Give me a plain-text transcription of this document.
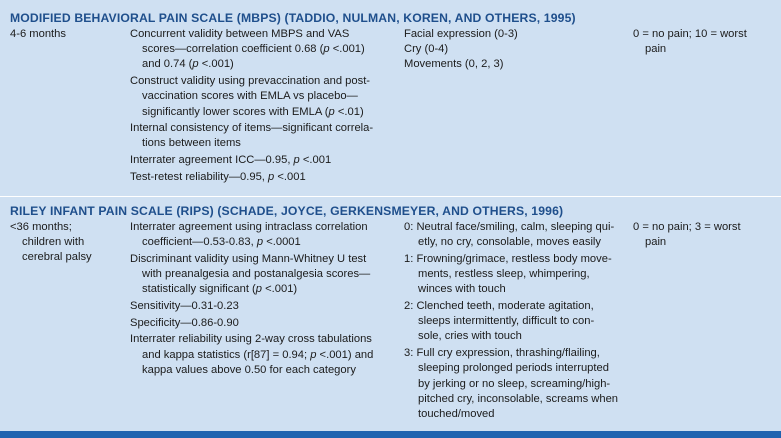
MODIFIED BEHAVIORAL PAIN SCALE (MBPS) (TADDIO, NULMAN, KOREN, AND OTHERS, 1995)
4-6 months	Concurrent validity between MBPS and VAS
scores—correlation coefficient 0.68 (p <.001)
and 0.74 (p <.001)
Construct validity using prevaccination and post-
vaccination scores with EMLA vs placebo—
significantly lower scores with EMLA (p <.01)
Internal consistency of items—significant correla-
tions between items
Interrater agreement ICC—0.95, p <.001
Test-retest reliability—0.95, p <.001
Facial expression (0-3)
Cry (0-4)
Movements (0, 2, 3)
0 = no pain; 10 = worst
pain
RILEY INFANT PAIN SCALE (RIPS) (SCHADE, JOYCE, GERKENSMEYER, AND OTHERS, 1996)
<36 months;
children with
cerebral palsy
Interrater agreement using intraclass correlation
coefficient—0.53-0.83, p <.0001
Discriminant validity using Mann-Whitney U test
with preanalgesia and postanalgesia scores—
statistically significant (p <.001)
Sensitivity—0.31-0.23
Specificity—0.86-0.90
Interrater reliability using 2-way cross tabulations
and kappa statistics (r[87] = 0.94; p <.001) and
kappa values above 0.50 for each category
0: Neutral face/smiling, calm, sleeping qui-
etly, no cry, consolable, moves easily
1: Frowning/grimace, restless body move-
ments, restless sleep, whimpering,
winces with touch
2: Clenched teeth, moderate agitation,
sleeps intermittently, difficult to con-
sole, cries with touch
3: Full cry expression, thrashing/flailing,
sleeping prolonged periods interrupted
by jerking or no sleep, screaming/high-
pitched cry, inconsolable, screams when
touched/moved
0 = no pain; 3 = worst
pain
